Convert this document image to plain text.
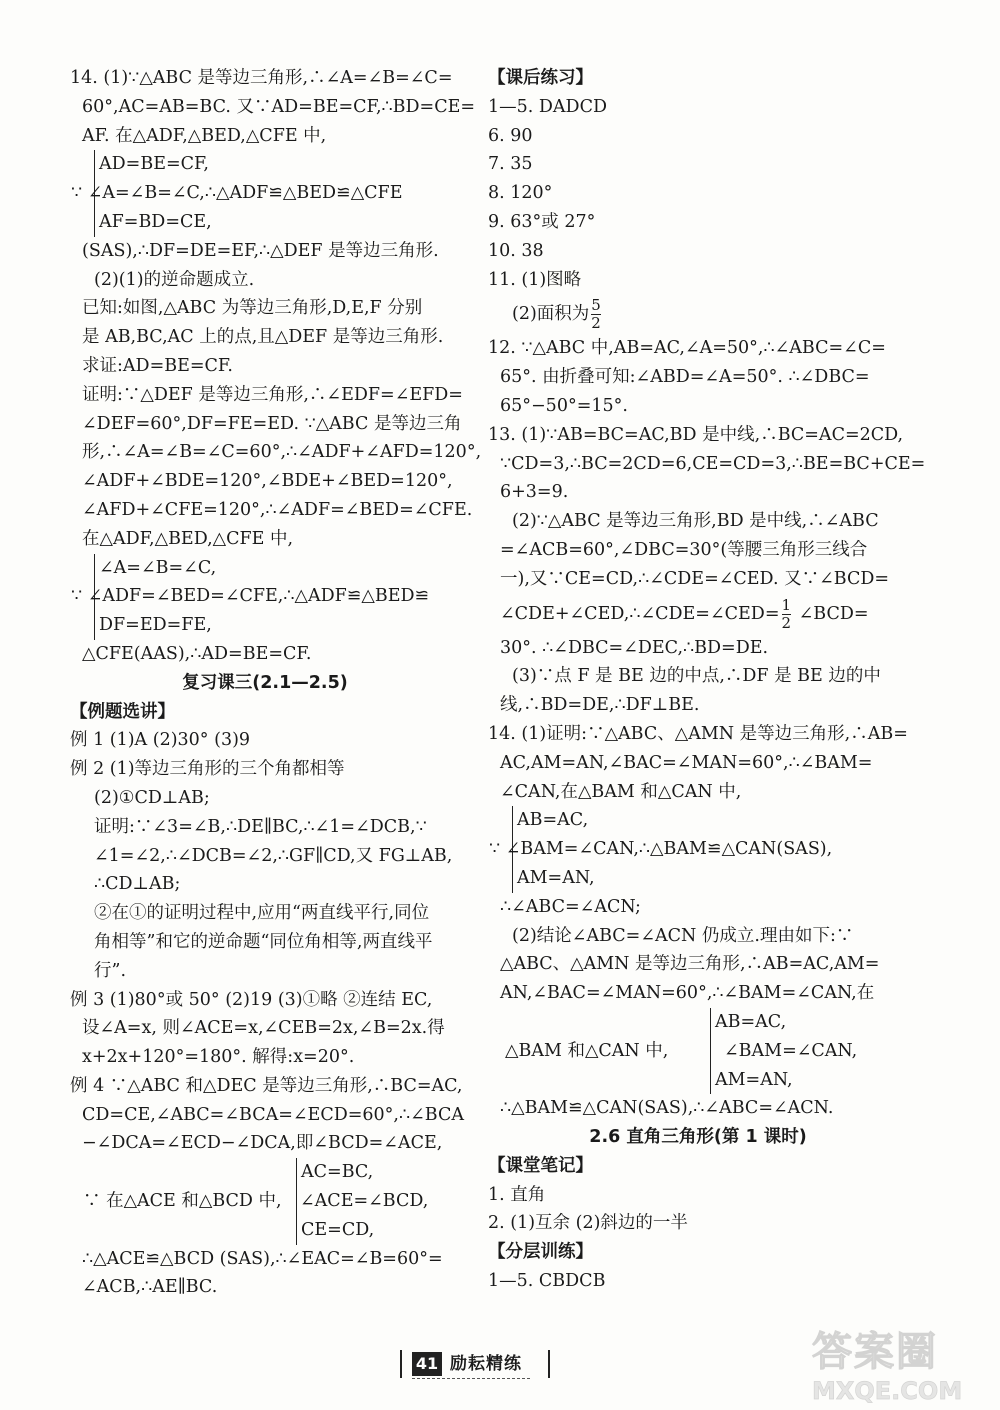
14. (1)∵△ABC 是等边三角形,∴∠A=∠B=∠C=
60°,AC=AB=BC. 又∵AD=BE=CF,∴BD=CE=
AF. 在△ADF,△BED,△CFE 中,
AD=BE=CF,
∵ ∠A=∠B=∠C,∴△ADF≌△BED≌△CFE
AF=BD=CE,
(SAS),∴DF=DE=EF,∴△DEF 是等边三角形.
(2)(1)的逆命题成立.
已知:如图,△ABC 为等边三角形,D,E,F 分别
是 AB,BC,AC 上的点,且△DEF 是等边三角形.
求证:AD=BE=CF.
证明:∵△DEF 是等边三角形,∴∠EDF=∠EFD=
∠DEF=60°,DF=FE=ED. ∵△ABC 是等边三角
形,∴∠A=∠B=∠C=60°,∴∠ADF+∠AFD=120°,
∠ADF+∠BDE=120°,∠BDE+∠BED=120°,
∠AFD+∠CFE=120°,∴∠ADF=∠BED=∠CFE.
在△ADF,△BED,△CFE 中,
∠A=∠B=∠C,
∵ ∠ADF=∠BED=∠CFE,∴△ADF≌△BED≌
DF=ED=FE,
△CFE(AAS),∴AD=BE=CF.
复习课三(2.1—2.5)
【例题选讲】
例 1 (1)A (2)30° (3)9
例 2 (1)等边三角形的三个角都相等
(2)①CD⊥AB;
证明:∵∠3=∠B,∴DE∥BC,∴∠1=∠DCB,∵
∠1=∠2,∴∠DCB=∠2,∴GF∥CD,又 FG⊥AB,
∴CD⊥AB;
②在①的证明过程中,应用“两直线平行,同位
角相等”和它的逆命题“同位角相等,两直线平
行”.
例 3 (1)80°或 50° (2)19 (3)①略 ②连结 EC,
设∠A=x, 则∠ACE=x,∠CEB=2x,∠B=2x.得
x+2x+120°=180°. 解得:x=20°.
例 4 ∵△ABC 和△DEC 是等边三角形,∴BC=AC,
CD=CE,∠ABC=∠BCA=∠ECD=60°,∴∠BCA
−∠DCA=∠ECD−∠DCA,即∠BCD=∠ACE,
AC=BC,
∵ 在△ACE 和△BCD 中, ∠ACE=∠BCD,
CE=CD,
∴△ACE≌△BCD (SAS),∴∠EAC=∠B=60°=
∠ACB,∴AE∥BC.
【课后练习】
1—5. DADCD
6. 90
7. 35
8. 120°
9. 63°或 27°
10. 38
11. (1)图略
(2)面积为 $\frac{5}{2}$
12. ∵△ABC 中,AB=AC,∠A=50°,∴∠ABC=∠C=
65°. 由折叠可知:∠ABD=∠A=50°. ∴∠DBC=
65°−50°=15°.
13. (1)∵AB=BC=AC,BD 是中线,∴BC=AC=2CD,
∵CD=3,∴BC=2CD=6,CE=CD=3,∴BE=BC+CE=
6+3=9.
(2)∵△ABC 是等边三角形,BD 是中线,∴∠ABC
=∠ACB=60°,∠DBC=30°(等腰三角形三线合
一),又∵CE=CD,∴∠CDE=∠CED. 又∵∠BCD=
∠CDE+∠CED,∴∠CDE=∠CED= $\frac{1}{2}$ ∠BCD=
30°. ∴∠DBC=∠DEC,∴BD=DE.
(3)∵点 F 是 BE 边的中点,∴DF 是 BE 边的中
线,∴BD=DE,∴DF⊥BE.
14. (1)证明:∵△ABC、△AMN 是等边三角形,∴AB=
AC,AM=AN,∠BAC=∠MAN=60°,∴∠BAM=
∠CAN,在△BAM 和△CAN 中,
AB=AC,
∵ ∠BAM=∠CAN,∴△BAM≌△CAN(SAS),
AM=AN,
∴∠ABC=∠ACN;
(2)结论∠ABC=∠ACN 仍成立.理由如下:∵
△ABC、△AMN 是等边三角形,∴AB=AC,AM=
AN,∠BAC=∠MAN=60°,∴∠BAM=∠CAN,在
AB=AC,
△BAM 和△CAN 中,	∠BAM=∠CAN,
AM=AN,
∴△BAM≌△CAN(SAS),∴∠ABC=∠ACN.
2.6 直角三角形(第 1 课时)
【课堂笔记】
1. 直角
2. (1)互余 (2)斜边的一半
【分层训练】
1—5. CBDCB
41 励耘精练	答案圈
MXQE.COM
